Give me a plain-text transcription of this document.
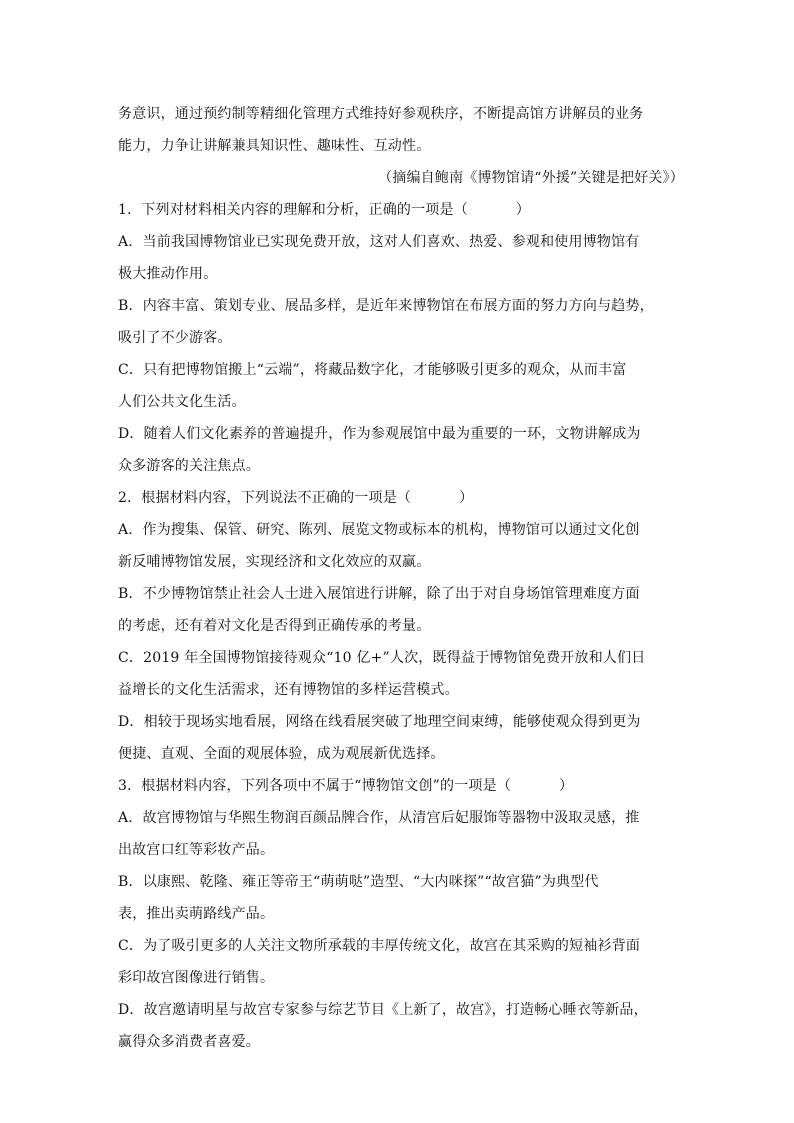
务意识，通过预约制等精细化管理方式维持好参观秩序，不断提高馆方讲解员的业务

能力，力争让讲解兼具知识性、趣味性、互动性。

（摘编自鲍南《博物馆请“外援”关键是把好关》）

1．下列对材料相关内容的理解和分析，正确的一项是（	）

A．当前我国博物馆业已实现免费开放，这对人们喜欢、热爱、参观和使用博物馆有

极大推动作用。

B．内容丰富、策划专业、展品多样，是近年来博物馆在布展方面的努力方向与趋势，

吸引了不少游客。

C．只有把博物馆搬上“云端”，将藏品数字化，才能够吸引更多的观众，从而丰富

人们公共文化生活。

D．随着人们文化素养的普遍提升，作为参观展馆中最为重要的一环，文物讲解成为

众多游客的关注焦点。

2．根据材料内容，下列说法不正确的一项是（	）

A．作为搜集、保管、研究、陈列、展览文物或标本的机构，博物馆可以通过文化创

新反哺博物馆发展，实现经济和文化效应的双赢。

B．不少博物馆禁止社会人士进入展馆进行讲解，除了出于对自身场馆管理难度方面

的考虑，还有着对文化是否得到正确传承的考量。

C．2019 年全国博物馆接待观众“10 亿+”人次，既得益于博物馆免费开放和人们日

益增长的文化生活需求，还有博物馆的多样运营模式。

D．相较于现场实地看展，网络在线看展突破了地理空间束缚，能够使观众得到更为

便捷、直观、全面的观展体验，成为观展新优选择。

3．根据材料内容，下列各项中不属于“博物馆文创”的一项是（	）

A．故宫博物馆与华熙生物润百颜品牌合作，从清宫后妃服饰等器物中汲取灵感，推

出故宫口红等彩妆产品。

B．以康熙、乾隆、雍正等帝王“萌萌哒”造型、“大内咪探”“故宫猫”为典型代

表，推出卖萌路线产品。

C．为了吸引更多的人关注文物所承载的丰厚传统文化，故宫在其采购的短袖衫背面

彩印故宫图像进行销售。

D．故宫邀请明星与故宫专家参与综艺节目《上新了，故宫》，打造畅心睡衣等新品，

赢得众多消费者喜爱。
